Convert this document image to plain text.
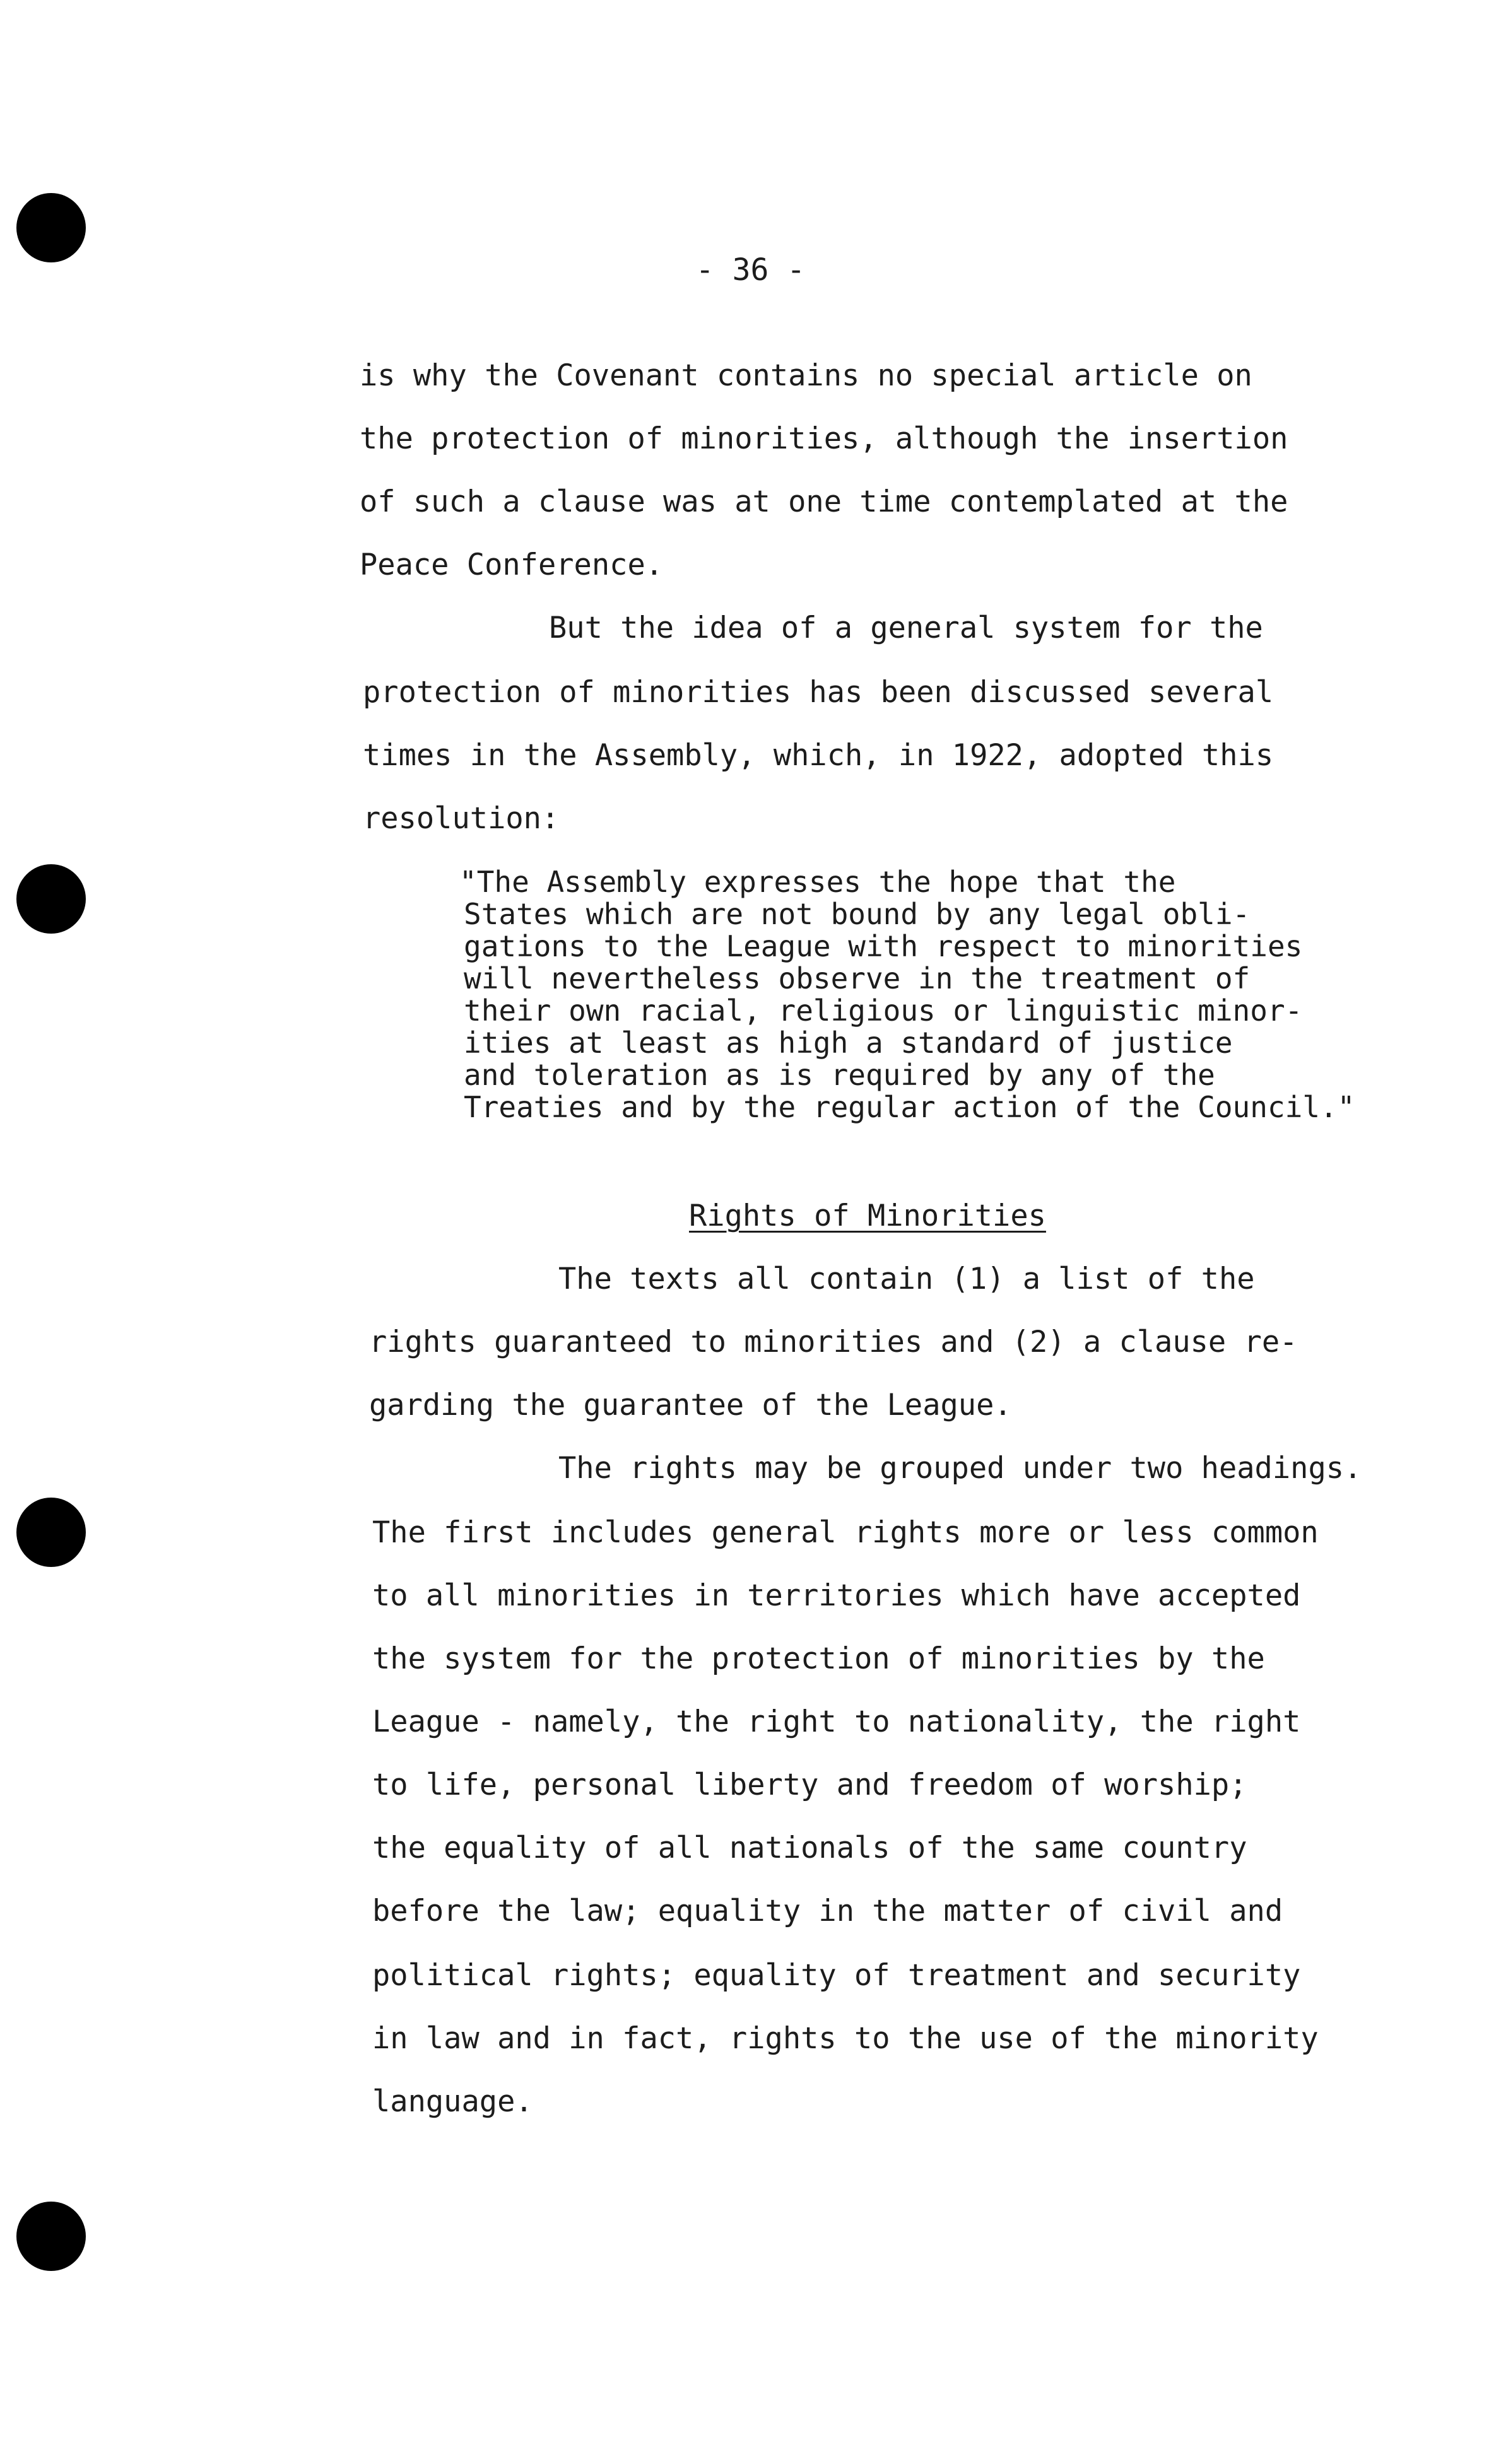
- 36 -
is why the Covenant contains no special article on
the protection of minorities, although the insertion
of such a clause was at one time contemplated at the
Peace Conference.
But the idea of a general system for the
protection of minorities has been discussed several
times in the Assembly, which, in 1922, adopted this
resolution:
"The Assembly expresses the hope that the
States which are not bound by any legal obli-
gations to the League with respect to minorities
will nevertheless observe in the treatment of
their own racial, religious or linguistic minor-
ities at least as high a standard of justice
and toleration as is required by any of the
Treaties and by the regular action of the Council."
Rights of Minorities
The texts all contain (1) a list of the
rights guaranteed to minorities and (2) a clause re-
garding the guarantee of the League.
The rights may be grouped under two headings.
The first includes general rights more or less common
to all minorities in territories which have accepted
the system for the protection of minorities by the
League - namely, the right to nationality, the right
to life, personal liberty and freedom of worship;
the equality of all nationals of the same country
before the law; equality in the matter of civil and
political rights; equality of treatment and security
in law and in fact, rights to the use of the minority
language.
